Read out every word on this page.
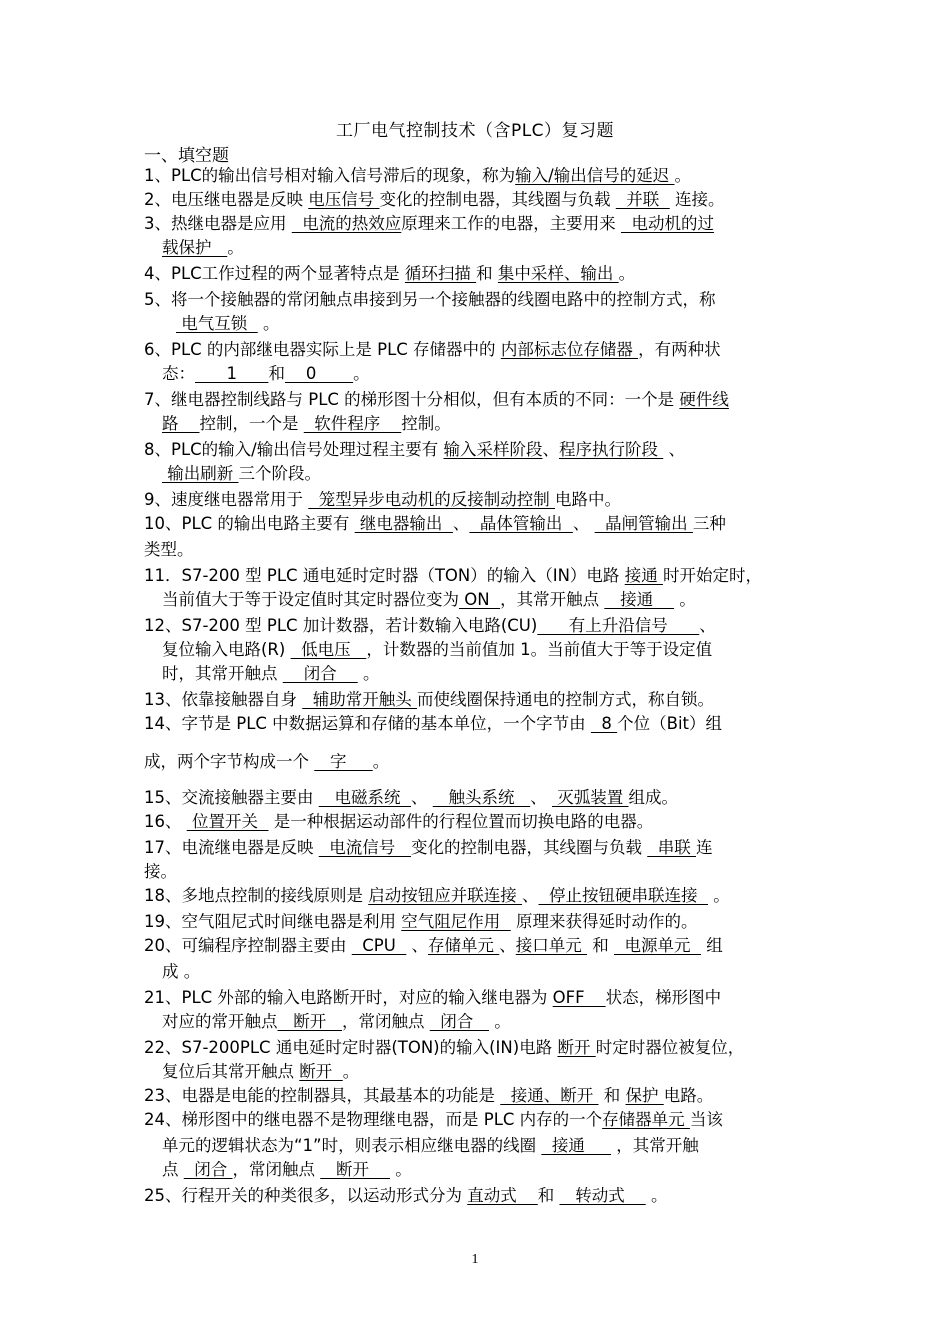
工厂电气控制技术（含PLC）复习题
一、填空题
1、PLC的输出信号相对输入信号滞后的现象，称为输入/输出信号的延迟 。
2、电压继电器是反映 电压信号 变化的控制电器，其线圈与负载   并联   连接。
3、热继电器是应用   电流的热效应原理来工作的电器，主要用来   电动机的过
载保护   。
4、PLC工作过程的两个显著特点是 循环扫描 和 集中采样、输出 。
5、将一个接触器的常闭触点串接到另一个接触器的线圈电路中的控制方式，称
电气互锁   。
6、PLC 的内部继电器实际上是 PLC 存储器中的 内部标志位存储器 ，有两种状
态：      1      和    0       。
7、继电器控制线路与 PLC 的梯形图十分相似，但有本质的不同：一个是 硬件线
路    控制，一个是   软件程序    控制。
8、PLC的输入/输出信号处理过程主要有 输入采样阶段、程序执行阶段  、
输出刷新 三个阶段。
9、速度继电器常用于   笼型异步电动机的反接制动控制 电路中。
10、PLC 的输出电路主要有  继电器输出  、  晶体管输出  、   晶闸管输出 三种
类型。
11．S7-200 型 PLC 通电延时定时器（TON）的输入（IN）电路 接通 时开始定时，
当前值大于等于设定值时其定时器位变为 ON  ，其常开触点    接通     。
12、S7-200 型 PLC 加计数器，若计数输入电路(CU)      有上升沿信号      、
复位输入电路(R)   低电压   ，计数器的当前值加 1。当前值大于等于设定值
时，其常开触点     闭合     。
13、依靠接触器自身   辅助常开触头 而使线圈保持通电的控制方式，称自锁。
14、字节是 PLC 中数据运算和存储的基本单位，一个字节由   8 个位（Bit）组
成，两个字节构成一个    字     。
15、交流接触器主要由    电磁系统  、    触头系统   、  灭弧装置 组成。
16、  位置开关   是一种根据运动部件的行程位置而切换电路的电器。
17、电流继电器是反映   电流信号   变化的控制电器，其线圈与负载   串联 连
接。
18、多地点控制的接线原则是 启动按钮应并联连接 、  停止按钮硬串联连接   。
19、空气阻尼式时间继电器是利用 空气阻尼作用   原理来获得延时动作的。
20、可编程序控制器主要由   CPU   、存储单元 、接口单元  和   电源单元   组
成 。
21、PLC 外部的输入电路断开时，对应的输入继电器为 OFF    状态，梯形图中
对应的常开触点   断开   ，常闭触点   闭合    。
22、S7-200PLC 通电延时定时器(TON)的输入(IN)电路 断开 时定时器位被复位，
复位后其常开触点 断开  。
23、电器是电能的控制器具，其最基本的功能是   接通、断开  和 保护 电路。
24、梯形图中的继电器不是物理继电器，而是 PLC 内存的一个存储器单元 当该
单元的逻辑状态为“1”时，则表示相应继电器的线圈   接通      ，其常开触
点   闭合 ，常闭触点    断开     。
25、行程开关的种类很多，以运动形式分为 直动式    和    转动式     。
1
